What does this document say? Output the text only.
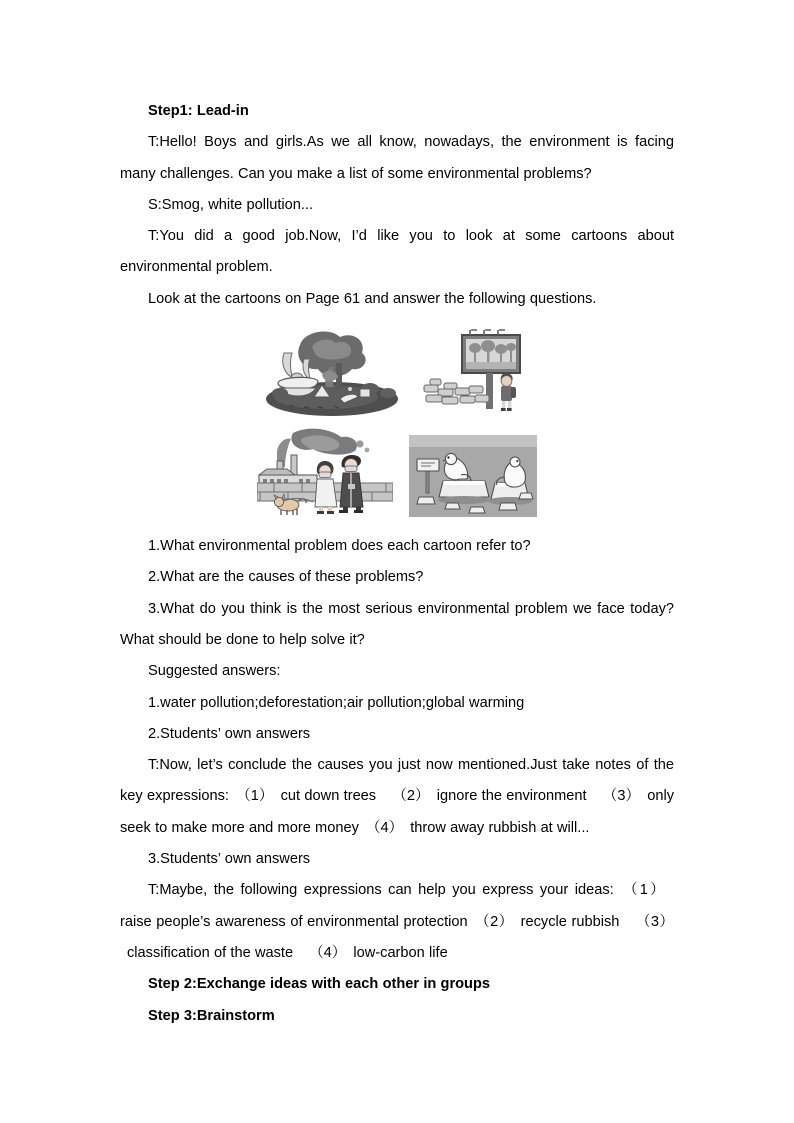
Step1: Lead-in

T:Hello! Boys and girls.As we all know, nowadays, the environment is facing many challenges. Can you make a list of some environmental problems?

S:Smog, white pollution...

T:You did a good job.Now, I’d like you to look at some cartoons about environmental problem.

Look at the cartoons on Page 61 and answer the following questions.

1.What environmental problem does each cartoon refer to?

2.What are the causes of these problems?

3.What do you think is the most serious environmental problem we face today?What should be done to help solve it?

Suggested answers:

1.water pollution;deforestation;air pollution;global warming

2.Students’ own answers

T:Now, let’s conclude the causes you just now mentioned.Just take notes of the key expressions: （1） cut down trees （2） ignore the environment （3） only seek to make more and more money （4） throw away rubbish at will...

3.Students’ own answers

T:Maybe, the following expressions can help you express your ideas: （1）raise people’s awareness of environmental protection （2） recycle rubbish （3）classification of the waste （4） low-carbon life

Step 2:Exchange ideas with each other in groups

Step 3:Brainstorm
